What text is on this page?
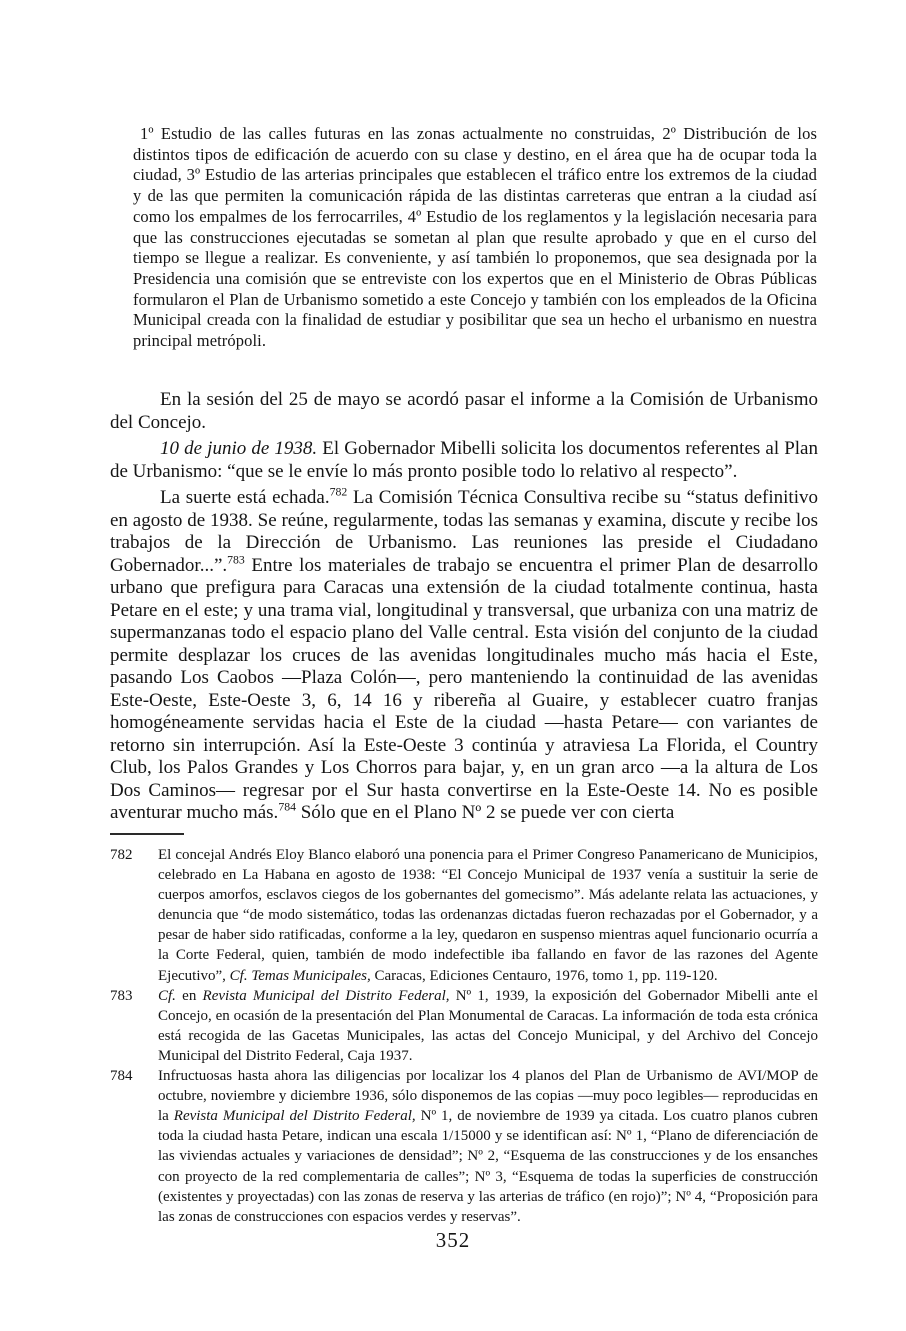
1º Estudio de las calles futuras en las zonas actualmente no construidas, 2º Distribución de los distintos tipos de edificación de acuerdo con su clase y destino, en el área que ha de ocupar toda la ciudad, 3º Estudio de las arterias principales que establecen el tráfico entre los extremos de la ciudad y de las que permiten la comunicación rápida de las distintas carreteras que entran a la ciudad así como los empalmes de los ferrocarriles, 4º Estudio de los reglamentos y la legislación necesaria para que las construcciones ejecutadas se sometan al plan que resulte aprobado y que en el curso del tiempo se llegue a realizar. Es conveniente, y así también lo proponemos, que sea designada por la Presidencia una comisión que se entreviste con los expertos que en el Ministerio de Obras Públicas formularon el Plan de Urbanismo sometido a este Concejo y también con los empleados de la Oficina Municipal creada con la finalidad de estudiar y posibilitar que sea un hecho el urbanismo en nuestra principal metrópoli.

En la sesión del 25 de mayo se acordó pasar el informe a la Comisión de Urbanismo del Concejo.

10 de junio de 1938. El Gobernador Mibelli solicita los documentos referentes al Plan de Urbanismo: “que se le envíe lo más pronto posible todo lo relativo al respecto”.

La suerte está echada.$^{782}$ La Comisión Técnica Consultiva recibe su “status definitivo en agosto de 1938. Se reúne, regularmente, todas las semanas y examina, discute y recibe los trabajos de la Dirección de Urbanismo. Las reuniones las preside el Ciudadano Gobernador...”.$^{783}$ Entre los materiales de trabajo se encuentra el primer Plan de desarrollo urbano que prefigura para Caracas una extensión de la ciudad totalmente continua, hasta Petare en el este; y una trama vial, longitudinal y transversal, que urbaniza con una matriz de supermanzanas todo el espacio plano del Valle central. Esta visión del conjunto de la ciudad permite desplazar los cruces de las avenidas longitudinales mucho más hacia el Este, pasando Los Caobos —Plaza Colón—, pero manteniendo la continuidad de las avenidas Este-Oeste, Este-Oeste 3, 6, 14 16 y ribereña al Guaire, y establecer cuatro franjas homogéneamente servidas hacia el Este de la ciudad —hasta Petare— con variantes de retorno sin interrupción. Así la Este-Oeste 3 continúa y atraviesa La Florida, el Country Club, los Palos Grandes y Los Chorros para bajar, y, en un gran arco —a la altura de Los Dos Caminos— regresar por el Sur hasta convertirse en la Este-Oeste 14. No es posible aventurar mucho más.$^{784}$ Sólo que en el Plano Nº 2 se puede ver con cierta

782	El concejal Andrés Eloy Blanco elaboró una ponencia para el Primer Congreso Panamericano de Municipios, celebrado en La Habana en agosto de 1938: “El Concejo Municipal de 1937 venía a sustituir la serie de cuerpos amorfos, esclavos ciegos de los gobernantes del gomecismo”. Más adelante relata las actuaciones, y denuncia que “de modo sistemático, todas las ordenanzas dictadas fueron rechazadas por el Gobernador, y a pesar de haber sido ratificadas, conforme a la ley, quedaron en suspenso mientras aquel funcionario ocurría a la Corte Federal, quien, también de modo indefectible iba fallando en favor de las razones del Agente Ejecutivo”, Cf. Temas Municipales, Caracas, Ediciones Centauro, 1976, tomo 1, pp. 119-120.
783	Cf. en Revista Municipal del Distrito Federal, Nº 1, 1939, la exposición del Gobernador Mibelli ante el Concejo, en ocasión de la presentación del Plan Monumental de Caracas. La información de toda esta crónica está recogida de las Gacetas Municipales, las actas del Concejo Municipal, y del Archivo del Concejo Municipal del Distrito Federal, Caja 1937.
784	Infructuosas hasta ahora las diligencias por localizar los 4 planos del Plan de Urbanismo de AVI/MOP de octubre, noviembre y diciembre 1936, sólo disponemos de las copias —muy poco legibles— reproducidas en la Revista Municipal del Distrito Federal, Nº 1, de noviembre de 1939 ya citada. Los cuatro planos cubren toda la ciudad hasta Petare, indican una escala 1/15000 y se identifican así: Nº 1, “Plano de diferenciación de las viviendas actuales y variaciones de densidad”; Nº 2, “Esquema de las construcciones y de los ensanches con proyecto de la red complementaria de calles”; Nº 3, “Esquema de todas la superficies de construcción (existentes y proyectadas) con las zonas de reserva y las arterias de tráfico (en rojo)”; Nº 4, “Proposición para las zonas de construcciones con espacios verdes y reservas”.
352
